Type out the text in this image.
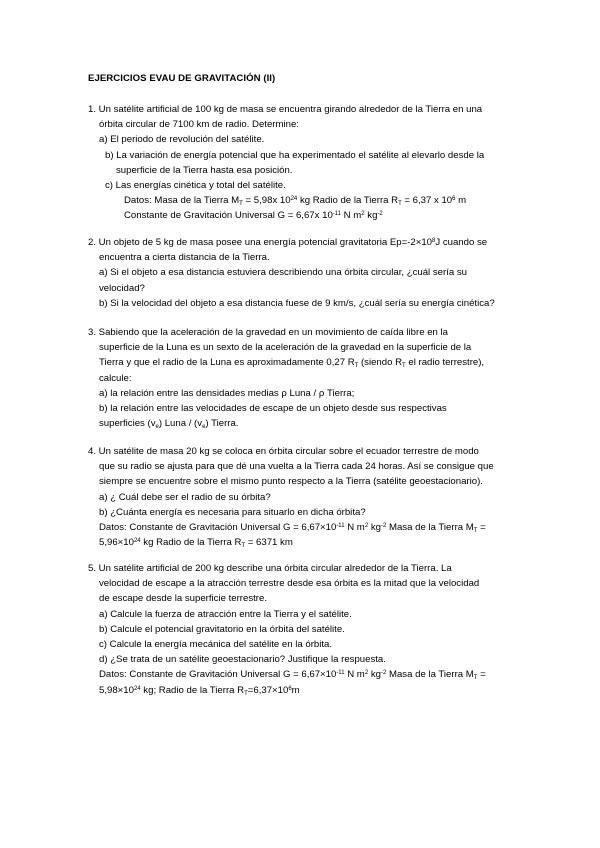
EJERCICIOS EVAU DE GRAVITACIÓN (II)
1. Un satélite artificial de 100 kg de masa se encuentra girando alrededor de la Tierra en una
órbita circular de 7100 km de radio. Determine:
a) El periodo de revolución del satélite.
b) La variación de energía potencial que ha experimentado el satélite al elevarlo desde la
superficie de la Tierra hasta esa posición.
c) Las energías cinética y total del satélite.
Datos: Masa de la Tierra $M_T = 5,98x$ $10^{24}$ kg Radio de la Tierra $R_T = 6,37$ x $10^6$ m
Constante de Gravitación Universal G = 6,67x $10^{-11}$ N $m^2$ $kg^{-2}$
2. Un objeto de 5 kg de masa posee una energía potencial gravitatoria $Ep=-2\times 10^8J$ cuando se
encuentra a cierta distancia de la Tierra.
a) Si el objeto a esa distancia estuviera describiendo una órbita circular, ¿cuál sería su
velocidad?
b) Si la velocidad del objeto a esa distancia fuese de 9 km/s, ¿cuál sería su energía cinética?
3. Sabiendo que la aceleración de la gravedad en un movimiento de caída libre en la
superficie de la Luna es un sexto de la aceleración de la gravedad en la superficie de la
Tierra y que el radio de la Luna es aproximadamente 0,27 $R_T$ (siendo $R_T$ el radio terrestre),
calcule:
a) la relación entre las densidades medias ρ Luna / ρ Tierra;
b) la relación entre las velocidades de escape de un objeto desde sus respectivas
superficies $(v_e)$ Luna / $(v_e)$ Tierra.
4. Un satélite de masa 20 kg se coloca en órbita circular sobre el ecuador terrestre de modo
que su radio se ajusta para que dé una vuelta a la Tierra cada 24 horas. Así se consigue que
siempre se encuentre sobre el mismo punto respecto a la Tierra (satélite geoestacionario).
a) ¿ Cuál debe ser el radio de su órbita?
b) ¿Cuánta energía es necesaria para situarlo en dicha órbita?
Datos: Constante de Gravitación Universal $G = 6,67\times 10^{-11}$ N $m^2$ $kg^{-2}$ Masa de la Tierra $M_T$ =
$5,96\times 10^{24}$ kg Radio de la Tierra $R_T = 6371$ km
5. Un satélite artificial de 200 kg describe una órbita circular alrededor de la Tierra. La
velocidad de escape a la atracción terrestre desde esa órbita es la mitad que la velocidad
de escape desde la superficie terrestre.
a) Calcule la fuerza de atracción entre la Tierra y el satélite.
b) Calcule el potencial gravitatorio en la órbita del satélite.
c) Calcule la energía mecánica del satélite en la órbita.
d) ¿Se trata de un satélite geoestacionario? Justifique la respuesta.
Datos: Constante de Gravitación Universal $G = 6,67\times 10^{-11}$ N $m^2$ $kg^{-2}$ Masa de la Tierra $M_T$ =
$5,98\times 10^{24}$ kg; Radio de la Tierra $R_T=6,37\times 10^6m$
